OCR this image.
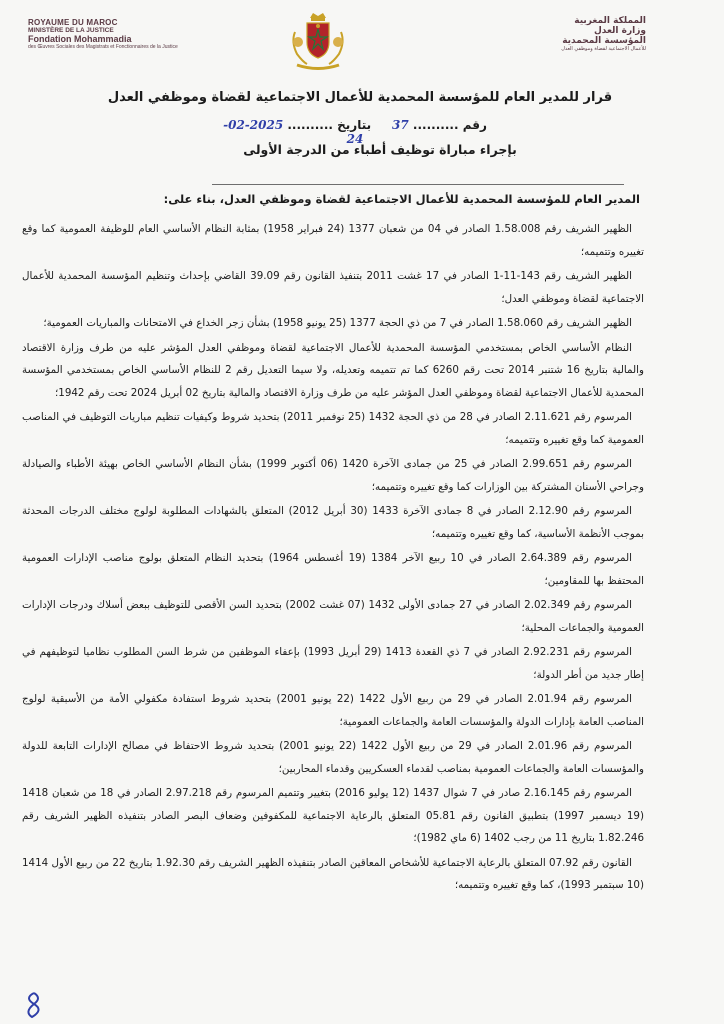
ROYAUME DU MAROC
MINISTÈRE DE LA JUSTICE
Fondation Mohammadia
des Œuvres Sociales des Magistrats et Fonctionnaires de la Justice
المملكة المغربية
وزارة العدل
المؤسسة المحمدية
للأعمال الاجتماعية لقضاة وموظفي العدل
قرار للمدير العام للمؤسسة المحمدية للأعمال الاجتماعية لقضاة وموظفي العدل
رقم .......... 37     بتاريخ .......... 2025-02-24
بإجراء مباراة توظيف أطباء من الدرجة الأولى
المدير العام للمؤسسة المحمدية للأعمال الاجتماعية لقضاة وموظفي العدل، بناء على:

الظهير الشريف رقم 1.58.008 الصادر في 04 من شعبان 1377 (24 فبراير 1958) بمثابة النظام الأساسي العام للوظيفة العمومية كما وقع تغييره وتتميمه؛

الظهير الشريف رقم 143-11-1 الصادر في 17 غشت 2011 بتنفيذ القانون رقم 39.09 القاضي بإحداث وتنظيم المؤسسة المحمدية للأعمال الاجتماعية لقضاة وموظفي العدل؛

الظهير الشريف رقم 1.58.060 الصادر في 7 من ذي الحجة 1377 (25 يونيو 1958) بشأن زجر الخداع في الامتحانات والمباريات العمومية؛

النظام الأساسي الخاص بمستخدمي المؤسسة المحمدية للأعمال الاجتماعية لقضاة وموظفي العدل المؤشر عليه من طرف وزارة الاقتصاد والمالية بتاريخ 16 شتنبر 2014 تحت رقم 6260 كما تم تتميمه وتعديله، ولا سيما التعديل رقم 2 للنظام الأساسي الخاص بمستخدمي المؤسسة المحمدية للأعمال الاجتماعية لقضاة وموظفي العدل المؤشر عليه من طرف وزارة الاقتصاد والمالية بتاريخ 02 أبريل 2024 تحت رقم 1942؛

المرسوم رقم 2.11.621 الصادر في 28 من ذي الحجة 1432 (25 نوفمبر 2011) بتحديد شروط وكيفيات تنظيم مباريات التوظيف في المناصب العمومية كما وقع تغييره وتتميمه؛

المرسوم رقم 2.99.651 الصادر في 25 من جمادى الآخرة 1420 (06 أكتوبر 1999) بشأن النظام الأساسي الخاص بهيئة الأطباء والصيادلة وجراحي الأسنان المشتركة بين الوزارات كما وقع تغييره وتتميمه؛

المرسوم رقم 2.12.90 الصادر في 8 جمادى الآخرة 1433 (30 أبريل 2012) المتعلق بالشهادات المطلوبة لولوج مختلف الدرجات المحدثة بموجب الأنظمة الأساسية، كما وقع تغييره وتتميمه؛

المرسوم رقم 2.64.389 الصادر في 10 ربيع الآخر 1384 (19 أغسطس 1964) بتحديد النظام المتعلق بولوج مناصب الإدارات العمومية المحتفظ بها للمقاومين؛

المرسوم رقم 2.02.349 الصادر في 27 جمادى الأولى 1432 (07 غشت 2002) بتحديد السن الأقصى للتوظيف ببعض أسلاك ودرجات الإدارات العمومية والجماعات المحلية؛

المرسوم رقم 2.92.231 الصادر في 7 ذي القعدة 1413 (29 أبريل 1993) بإعفاء الموظفين من شرط السن المطلوب نظاميا لتوظيفهم في إطار جديد من أطر الدولة؛

المرسوم رقم 2.01.94 الصادر في 29 من ربيع الأول 1422 (22 يونيو 2001) بتحديد شروط استفادة مكفولي الأمة من الأسبقية لولوج المناصب العامة بإدارات الدولة والمؤسسات العامة والجماعات العمومية؛

المرسوم رقم 2.01.96 الصادر في 29 من ربيع الأول 1422 (22 يونيو 2001) بتحديد شروط الاحتفاظ في مصالح الإدارات التابعة للدولة والمؤسسات العامة والجماعات العمومية بمناصب لقدماء العسكريين وقدماء المحاربين؛

المرسوم رقم 2.16.145 صادر في 7 شوال 1437 (12 يوليو 2016) بتغيير وتتميم المرسوم رقم 2.97.218 الصادر في 18 من شعبان 1418 (19 ديسمبر 1997) بتطبيق القانون رقم 05.81 المتعلق بالرعاية الاجتماعية للمكفوفين وضعاف البصر الصادر بتنفيذه الظهير الشريف رقم 1.82.246 بتاريخ 11 من رجب 1402 (6 ماي 1982)؛

القانون رقم 07.92 المتعلق بالرعاية الاجتماعية للأشخاص المعاقين الصادر بتنفيذه الظهير الشريف رقم 1.92.30 بتاريخ 22 من ربيع الأول 1414 (10 سبتمبر 1993)، كما وقع تغييره وتتميمه؛
